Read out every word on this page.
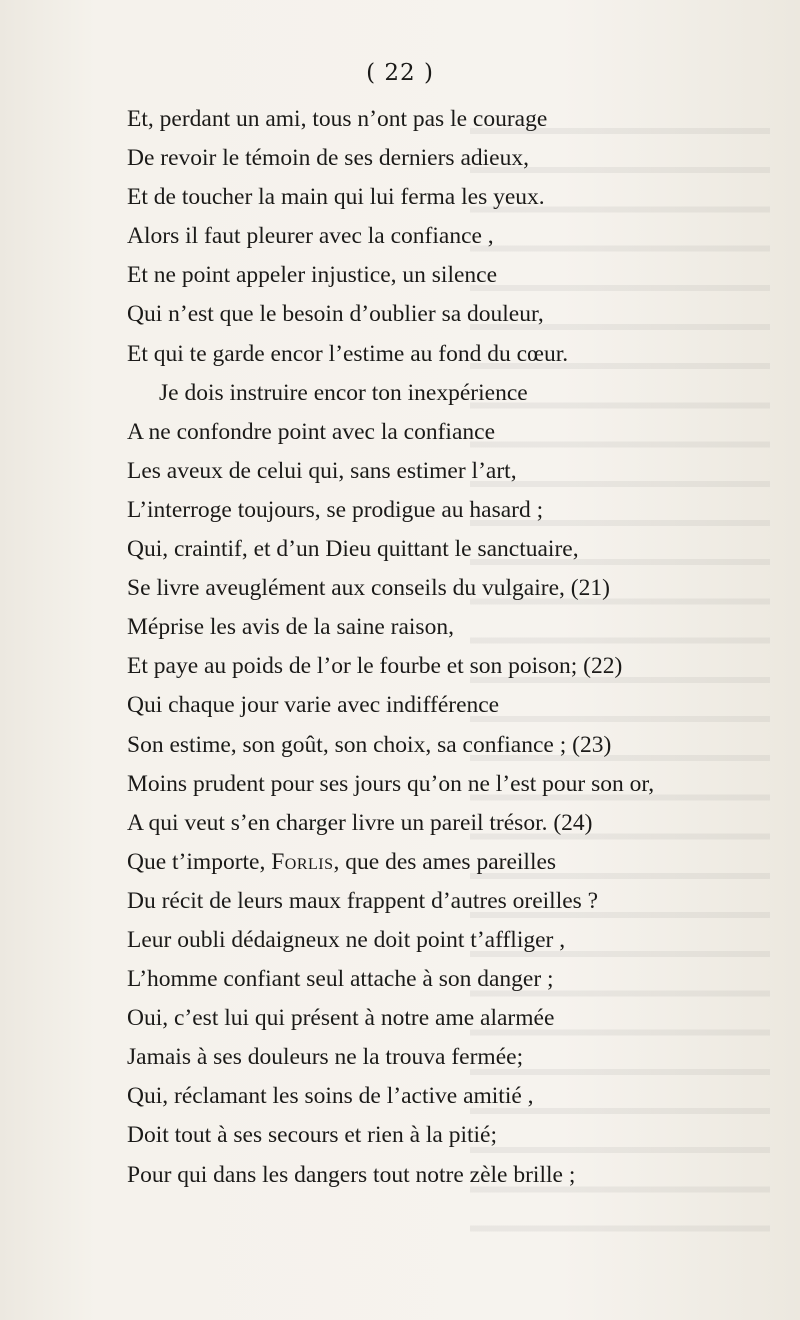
( 22 )
Et, perdant un ami, tous n’ont pas le courage
De revoir le témoin de ses derniers adieux,
Et de toucher la main qui lui ferma les yeux.
Alors il faut pleurer avec la confiance ,
Et ne point appeler injustice, un silence
Qui n’est que le besoin d’oublier sa douleur,
Et qui te garde encor l’estime au fond du cœur.
Je dois instruire encor ton inexpérience
A ne confondre point avec la confiance
Les aveux de celui qui, sans estimer l’art,
L’interroge toujours, se prodigue au hasard ;
Qui, craintif, et d’un Dieu quittant le sanctuaire,
Se livre aveuglément aux conseils du vulgaire, (21)
Méprise les avis de la saine raison,
Et paye au poids de l’or le fourbe et son poison; (22)
Qui chaque jour varie avec indifférence
Son estime, son goût, son choix, sa confiance ; (23)
Moins prudent pour ses jours qu’on ne l’est pour son or,
A qui veut s’en charger livre un pareil trésor. (24)
Que t’importe, Forlis, que des ames pareilles
Du récit de leurs maux frappent d’autres oreilles ?
Leur oubli dédaigneux ne doit point t’affliger ,
L’homme confiant seul attache à son danger ;
Oui, c’est lui qui présent à notre ame alarmée
Jamais à ses douleurs ne la trouva fermée;
Qui, réclamant les soins de l’active amitié ,
Doit tout à ses secours et rien à la pitié;
Pour qui dans les dangers tout notre zèle brille ;
